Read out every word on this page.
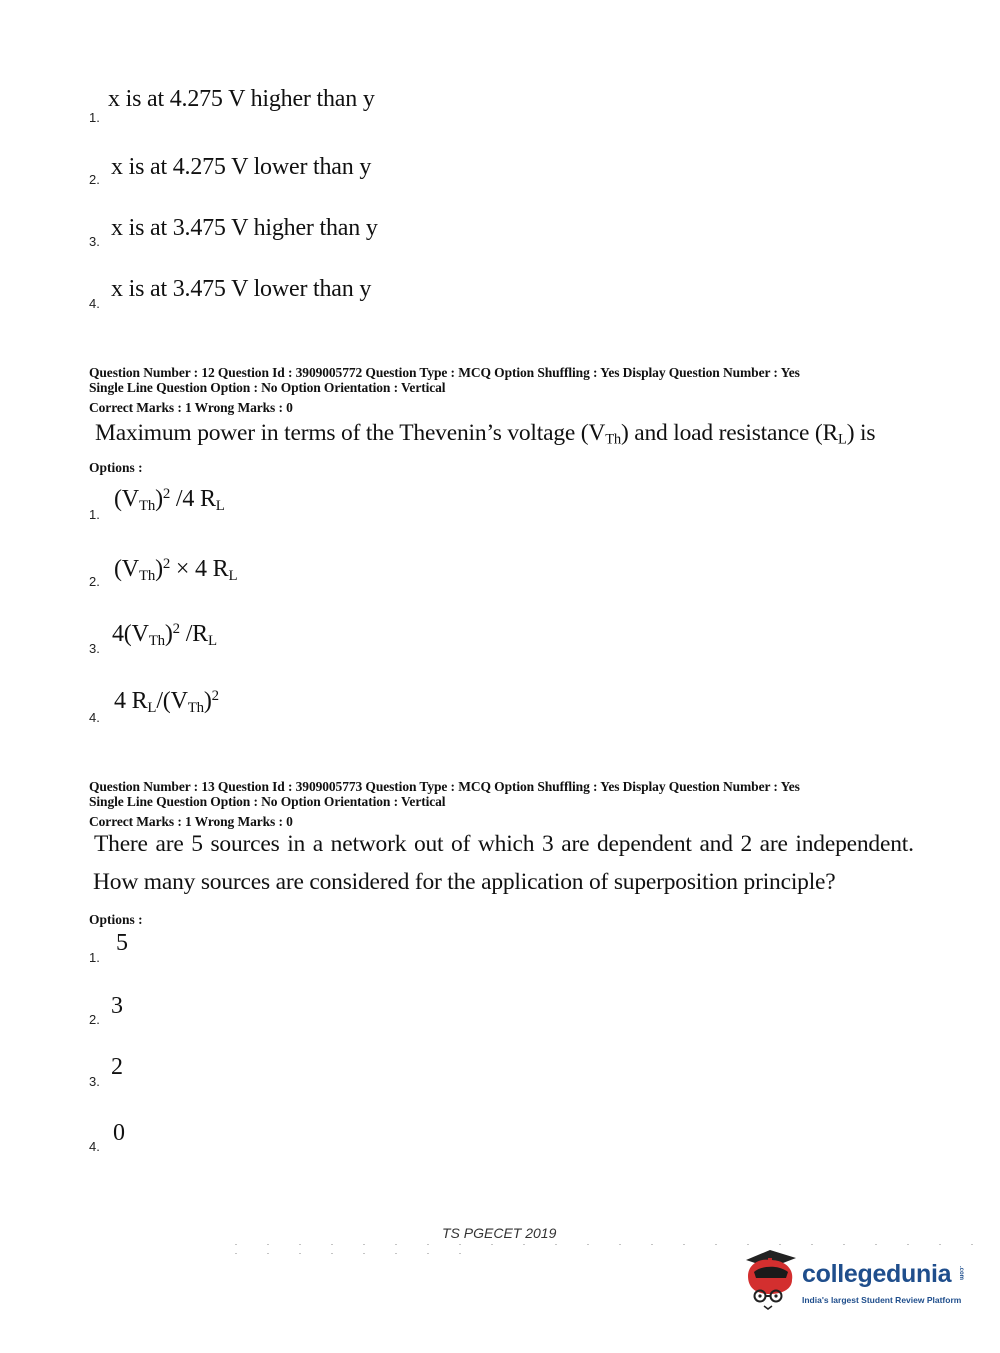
1.
x is at 4.275 V higher than y
2. x is at 4.275 V lower than y
3.
x is at 3.475 V higher than y
4.
x is at 3.475 V lower than y
Question Number : 12 Question Id : 3909005772 Question Type : MCQ Option Shuffling : Yes Display Question Number : Yes
Single Line Question Option : No Option Orientation : Vertical
Correct Marks : 1 Wrong Marks : 0
Maximum power in terms of the Thevenin’s voltage $(V_{Th})$ and load resistance $(R_L)$ is
Options :
1.
$(V_{Th})^2$ /4 $R_L$
2. $(V_{Th})^2 \times 4$ $R_L$
3.
$4(V_{Th})^2$ $/R_L$
4.
4 $R_L/(V_{Th})^2$
Question Number : 13 Question Id : 3909005773 Question Type : MCQ Option Shuffling : Yes Display Question Number : Yes
Single Line Question Option : No Option Orientation : Vertical
Correct Marks : 1 Wrong Marks : 0
There are 5 sources in a network out of which 3 are dependent and 2 are independent.
How many sources are considered for the application of superposition principle?
Options :
1.
5
2.
3
3.
2
4.
0
TS PGECET 2019
. . . . . . . . . . . . . . . . . . . . . . . . . . . . . . . .
collegedunia .com
India's largest Student Review Platform
